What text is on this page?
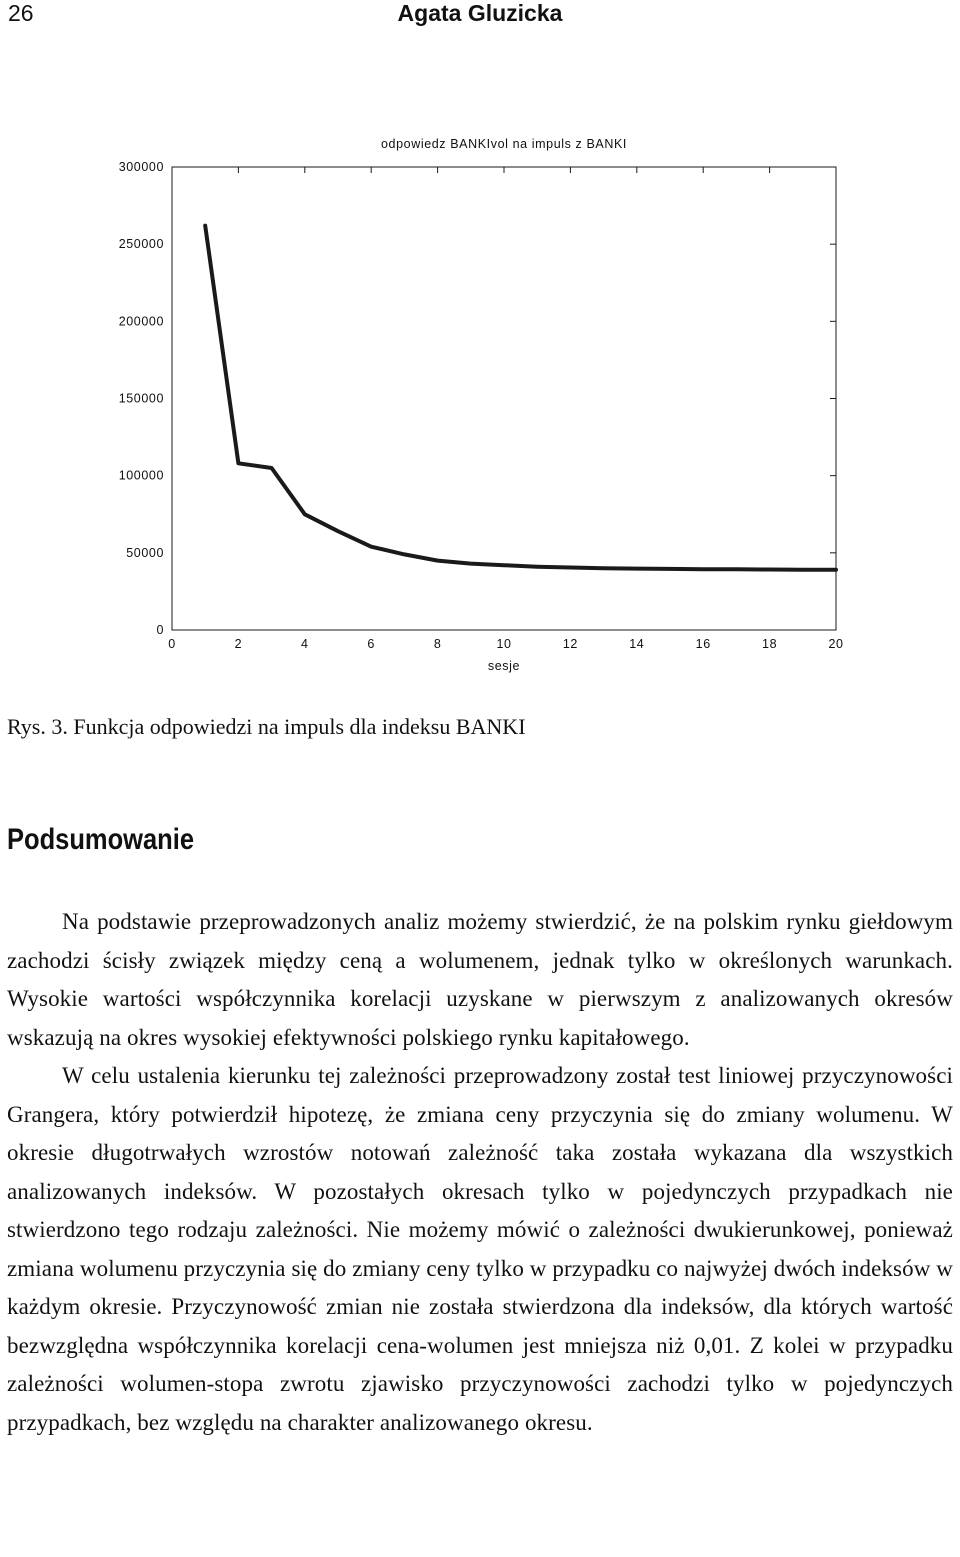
26	Agata Gluzicka
odpowiedz BANKIvol na impuls z BANKI
0
50000
100000
150000
200000
250000
300000
0	2	4	6	8	10	12	14	16	18	20
sesje

Rys. 3. Funkcja odpowiedzi na impuls dla indeksu BANKI

Podsumowanie

Na podstawie przeprowadzonych analiz możemy stwierdzić, że na polskim rynku giełdowym zachodzi ścisły związek między ceną a wolumenem, jednak tylko w określonych warunkach. Wysokie wartości współczynnika korelacji uzyskane w pierwszym z analizowanych okresów wskazują na okres wysokiej efektywności polskiego rynku kapitałowego.

W celu ustalenia kierunku tej zależności przeprowadzony został test liniowej przyczynowości Grangera, który potwierdził hipotezę, że zmiana ceny przyczynia się do zmiany wolumenu. W okresie długotrwałych wzrostów notowań zależność taka została wykazana dla wszystkich analizowanych indeksów. W pozostałych okresach tylko w pojedynczych przypadkach nie stwierdzono tego rodzaju zależności. Nie możemy mówić o zależności dwukierunkowej, ponieważ zmiana wolumenu przyczynia się do zmiany ceny tylko w przypadku co najwyżej dwóch indeksów w każdym okresie. Przyczynowość zmian nie została stwierdzona dla indeksów, dla których wartość bezwzględna współczynnika korelacji cena-wolumen jest mniejsza niż 0,01. Z kolei w przypadku zależności wolumen-stopa zwrotu zjawisko przyczynowości zachodzi tylko w pojedynczych przypadkach, bez względu na charakter analizowanego okresu.
